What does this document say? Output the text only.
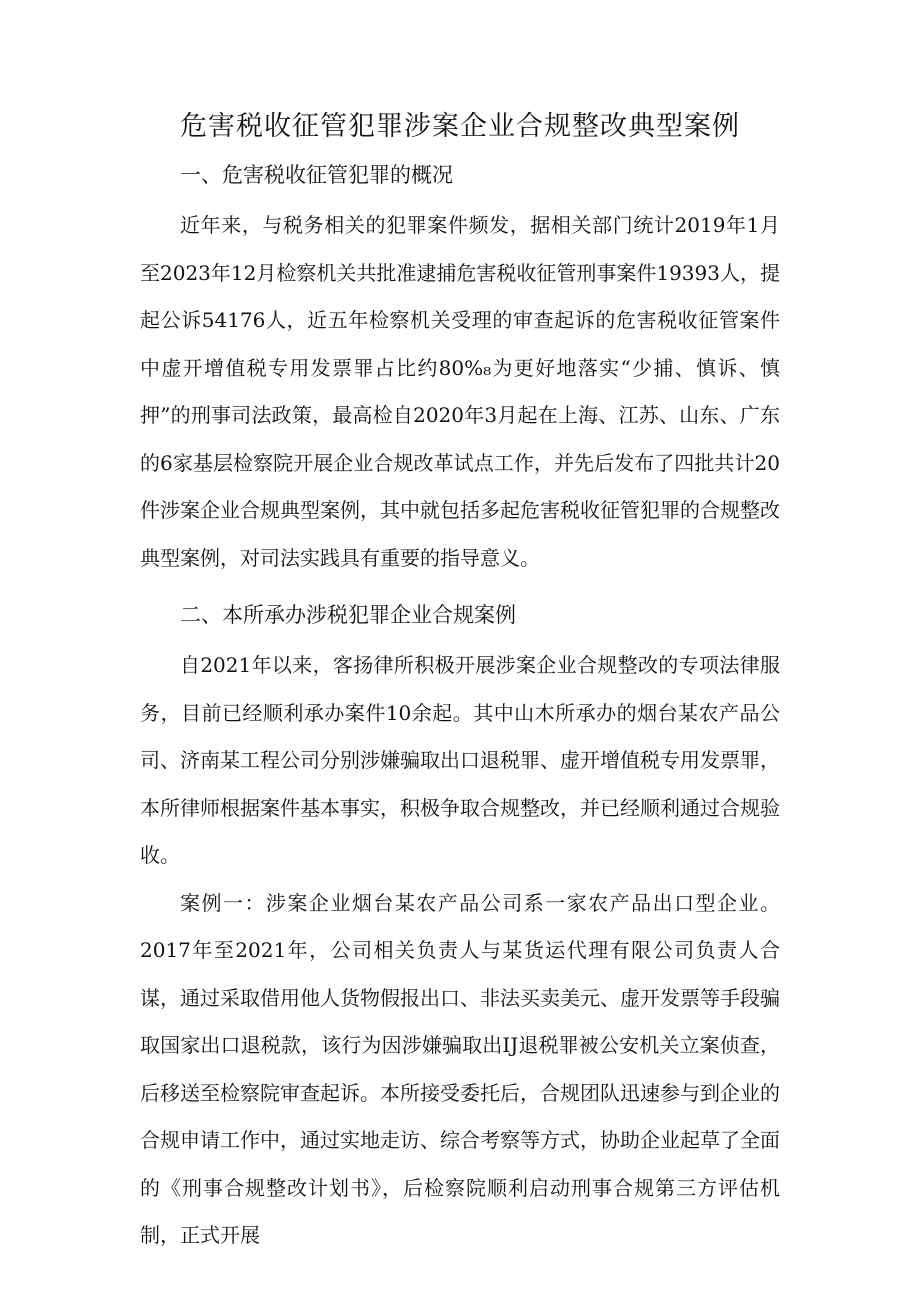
危害税收征管犯罪涉案企业合规整改典型案例
一、危害税收征管犯罪的概况

近年来，与税务相关的犯罪案件频发，据相关部门统计2019年1月至2023年12月检察机关共批准逮捕危害税收征管刑事案件19393人，提起公诉54176人，近五年检察机关受理的审查起诉的危害税收征管案件中虚开增值税专用发票罪占比约80%₈为更好地落实“少捕、慎诉、慎押”的刑事司法政策，最高检自2020年3月起在上海、江苏、山东、广东的6家基层检察院开展企业合规改革试点工作，并先后发布了四批共计20件涉案企业合规典型案例，其中就包括多起危害税收征管犯罪的合规整改典型案例，对司法实践具有重要的指导意义。

二、本所承办涉税犯罪企业合规案例

自2021年以来，客扬律所积极开展涉案企业合规整改的专项法律服务，目前已经顺利承办案件10余起。其中山木所承办的烟台某农产品公司、济南某工程公司分别涉嫌骗取出口退税罪、虚开增值税专用发票罪，本所律师根据案件基本事实，积极争取合规整改，并已经顺利通过合规验收。

案例一：涉案企业烟台某农产品公司系一家农产品出口型企业。2017年至2021年，公司相关负责人与某货运代理有限公司负责人合谋，通过采取借用他人货物假报出口、非法买卖美元、虚开发票等手段骗取国家出口退税款，该行为因涉嫌骗取出IJ退税罪被公安机关立案侦查，后移送至检察院审查起诉。本所接受委托后，合规团队迅速参与到企业的合规申请工作中，通过实地走访、综合考察等方式，协助企业起草了全面的《刑事合规整改计划书》，后检察院顺利启动刑事合规第三方评估机制，正式开展
